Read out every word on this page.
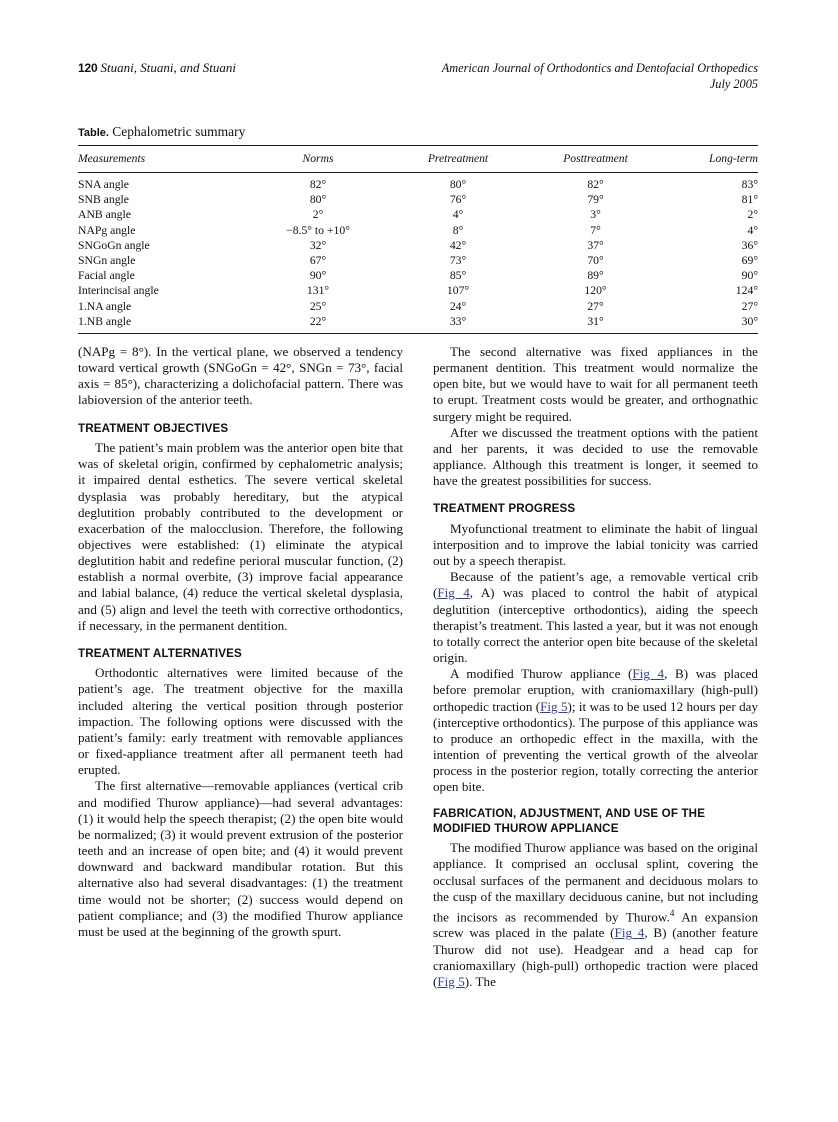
120 Stuani, Stuani, and Stuani	American Journal of Orthodontics and Dentofacial Orthopedics
July 2005
Table. Cephalometric summary
Measurements	Norms	Pretreatment	Posttreatment	Long-term
SNA angle	82°	80°	82°	83°
SNB angle	80°	76°	79°	81°
ANB angle	2°	4°	3°	2°
NAPg angle	−8.5° to +10°	8°	7°	4°
SNGoGn angle	32°	42°	37°	36°
SNGn angle	67°	73°	70°	69°
Facial angle	90°	85°	89°	90°
Interincisal angle	131°	107°	120°	124°
1.NA angle	25°	24°	27°	27°
1.NB angle	22°	33°	31°	30°

(NAPg = 8°). In the vertical plane, we observed a tendency toward vertical growth (SNGoGn = 42°, SNGn = 73°, facial axis = 85°), characterizing a dolichofacial pattern. There was labioversion of the anterior teeth.

TREATMENT OBJECTIVES

The patient’s main problem was the anterior open bite that was of skeletal origin, confirmed by cephalometric analysis; it impaired dental esthetics. The severe vertical skeletal dysplasia was probably hereditary, but the atypical deglutition probably contributed to the development or exacerbation of the malocclusion. Therefore, the following objectives were established: (1) eliminate the atypical deglutition habit and redefine perioral muscular function, (2) establish a normal overbite, (3) improve facial appearance and labial balance, (4) reduce the vertical skeletal dysplasia, and (5) align and level the teeth with corrective orthodontics, if necessary, in the permanent dentition.

TREATMENT ALTERNATIVES

Orthodontic alternatives were limited because of the patient’s age. The treatment objective for the maxilla included altering the vertical position through posterior impaction. The following options were discussed with the patient’s family: early treatment with removable appliances or fixed-appliance treatment after all permanent teeth had erupted.

The first alternative—removable appliances (vertical crib and modified Thurow appliance)—had several advantages: (1) it would help the speech therapist; (2) the open bite would be normalized; (3) it would prevent extrusion of the posterior teeth and an increase of open bite; and (4) it would prevent downward and backward mandibular rotation. But this alternative also had several disadvantages: (1) the treatment time would not be shorter; (2) success would depend on patient compliance; and (3) the modified Thurow appliance must be used at the beginning of the growth spurt.

The second alternative was fixed appliances in the permanent dentition. This treatment would normalize the open bite, but we would have to wait for all permanent teeth to erupt. Treatment costs would be greater, and orthognathic surgery might be required.

After we discussed the treatment options with the patient and her parents, it was decided to use the removable appliance. Although this treatment is longer, it seemed to have the greatest possibilities for success.

TREATMENT PROGRESS

Myofunctional treatment to eliminate the habit of lingual interposition and to improve the labial tonicity was carried out by a speech therapist.

Because of the patient’s age, a removable vertical crib (Fig 4, A) was placed to control the habit of atypical deglutition (interceptive orthodontics), aiding the speech therapist’s treatment. This lasted a year, but it was not enough to totally correct the anterior open bite because of the skeletal origin.

A modified Thurow appliance (Fig 4, B) was placed before premolar eruption, with craniomaxillary (high-pull) orthopedic traction (Fig 5); it was to be used 12 hours per day (interceptive orthodontics). The purpose of this appliance was to produce an orthopedic effect in the maxilla, with the intention of preventing the vertical growth of the alveolar process in the posterior region, totally correcting the anterior open bite.

FABRICATION, ADJUSTMENT, AND USE OF THE MODIFIED THUROW APPLIANCE

The modified Thurow appliance was based on the original appliance. It comprised an occlusal splint, covering the occlusal surfaces of the permanent and deciduous molars to the cusp of the maxillary deciduous canine, but not including the incisors as recommended by Thurow.$^4$ An expansion screw was placed in the palate (Fig 4, B) (another feature Thurow did not use). Headgear and a head cap for craniomaxillary (high-pull) orthopedic traction were placed (Fig 5). The
